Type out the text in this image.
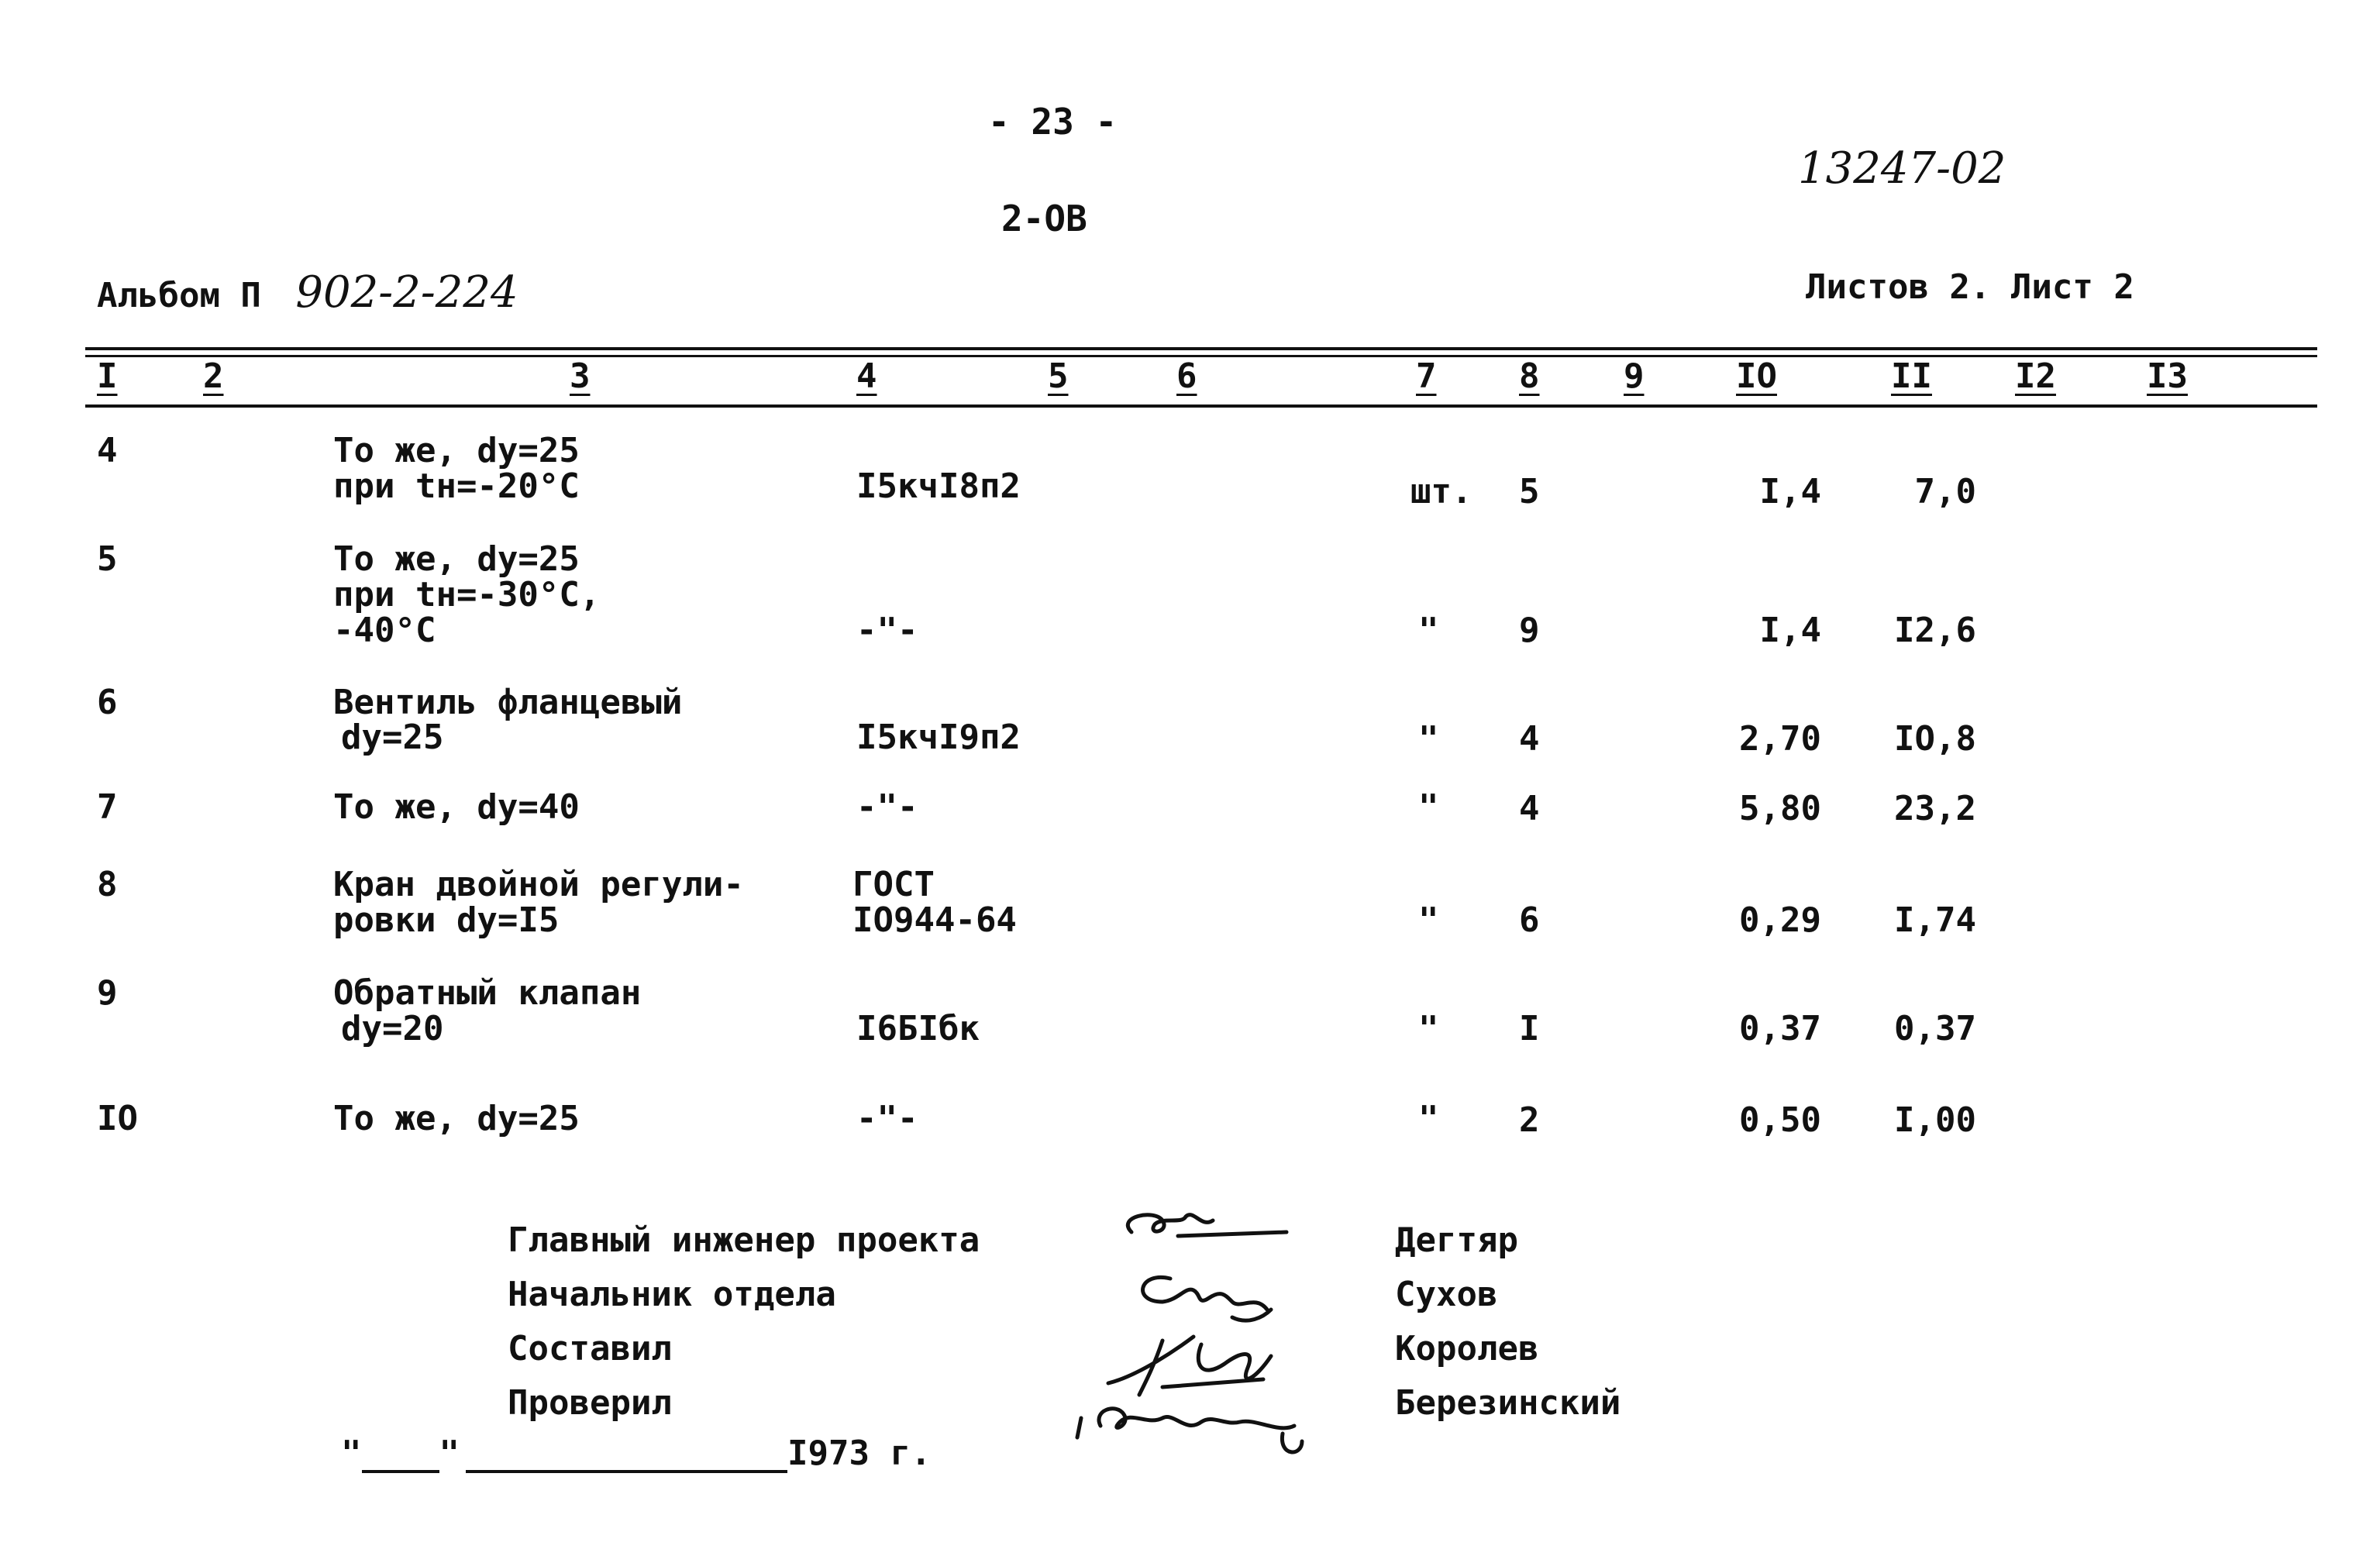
- 23 -
2-ОВ
13247-02
Альбом П 902-2-224	Листов 2. Лист 2
I	2	3	4	5	6	7 8 9	IO	II I2	I3
4	То же, dу=25
при tн=-20°С	I5кчI8п2	шт. 5	I,4	7,0
5	То же, dу=25
при tн=-30°С,
-40°С	-"-	" 9	I,4	I2,6
6	Вентиль фланцевый
dу=25	I5кчI9п2	" 4	2,70	IO,8
7	То же, dу=40	-"-	" 4	5,80	23,2
8	Кран двойной регули-
ровки dу=I5
ГОСТ
IO944-64	" 6	0,29	I,74
9	Обратный клапан
dу=20	I6БIбк	" I	0,37	0,37
IO	То же, dу=25	-"-	" 2	0,50	I,00
Главный инженер проекта
Начальник отдела
Составил
Проверил
Дегтяр
Сухов
Королев
Березинский
" "	I973 г.
